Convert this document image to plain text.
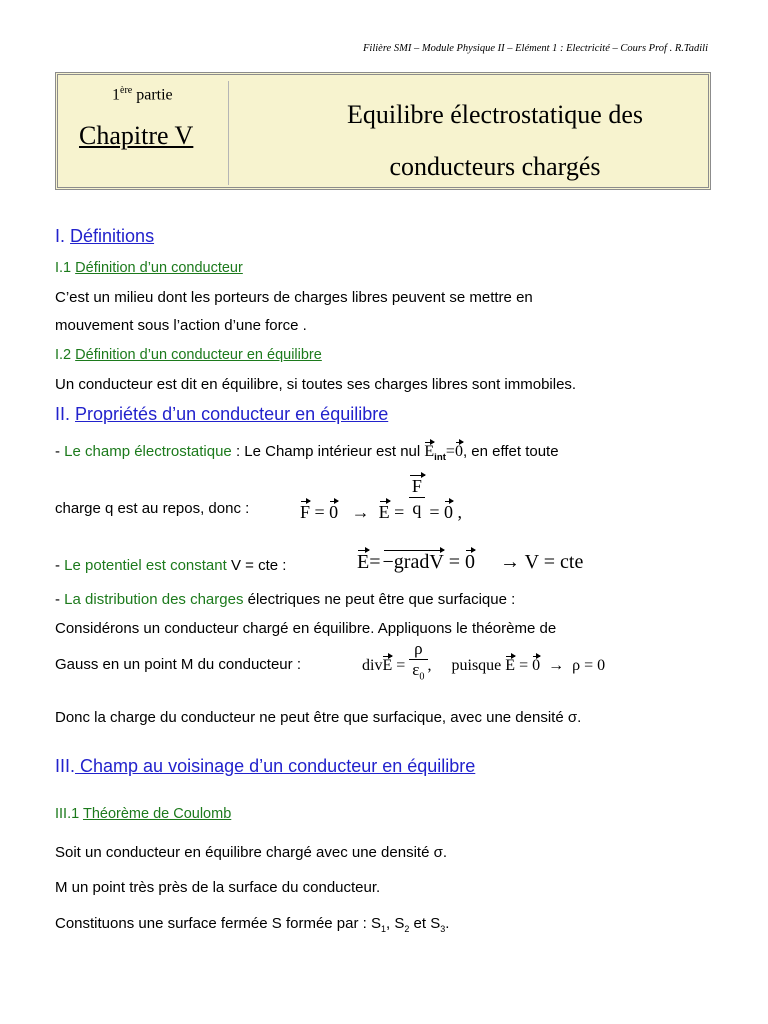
Filière SMI – Module Physique II – Elément 1 : Electricité – Cours Prof . R.Tadili
1ère partie
Chapitre V
Equilibre électrostatique des
conducteurs chargés
I. Définitions
I.1 Définition d’un conducteur
C’est un milieu dont les porteurs de charges libres peuvent se mettre en
mouvement sous l’action d’une force .
I.2 Définition d’un conducteur en équilibre
Un conducteur est dit en équilibre, si toutes ses charges libres sont immobiles.
II. Propriétés d’un conducteur en équilibre
- Le champ électrostatique : Le Champ intérieur est nul $E_{int}=0$, en effet toute
charge q est au repos, donc :	$F = 0 \to E = \frac{F}{q} = 0$ ,
- Le potentiel est constant V = cte :	E= −gradV = 0 → V = cte
- La distribution des charges électriques ne peut être que surfacique :
Considérons un conducteur chargé en équilibre. Appliquons le théorème de
Gauss en un point M du conducteur :	divE = $\frac{\rho}{\varepsilon_0}$ ,     puisque E = 0  →  ρ = 0
Donc la charge du conducteur ne peut être que surfacique, avec une densité σ.
III. Champ au voisinage d’un conducteur en équilibre
III.1 Théorème de Coulomb
Soit un conducteur en équilibre chargé avec une densité σ.
M un point très près de la surface du conducteur.
Constituons une surface fermée S formée par : $S_1$, $S_2$ et $S_3$.
